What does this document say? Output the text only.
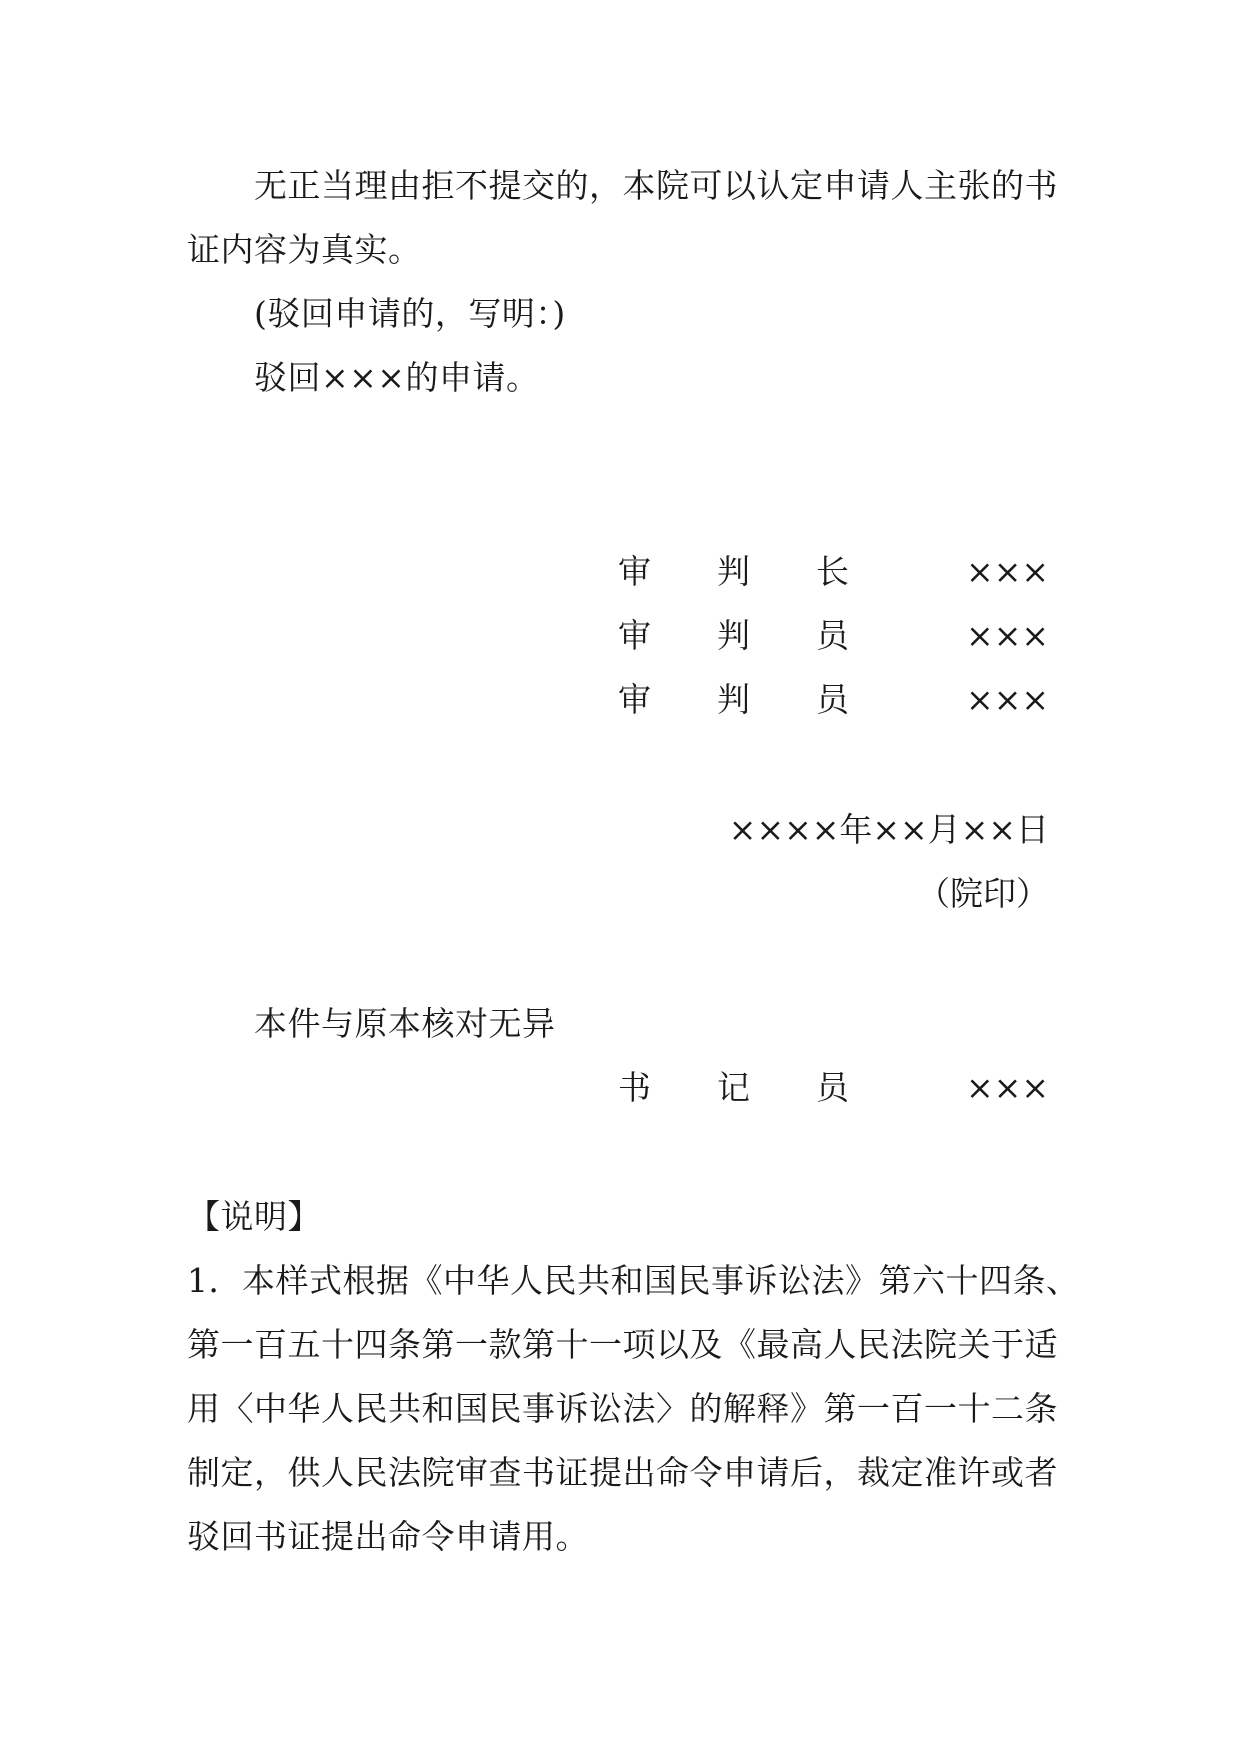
无正当理由拒不提交的，本院可以认定申请人主张的书
证内容为真实。
(驳回申请的，写明：)
驳回×××的申请。
审 判 长	×××
审 判 员	×××
审 判 员	×××
××××年××月××日
（院印）
本件与原本核对无异
书 记 员	×××
【说明】
1．本样式根据《中华人民共和国民事诉讼法》第六十四条、
第一百五十四条第一款第十一项以及《最高人民法院关于适
用〈中华人民共和国民事诉讼法〉的解释》第一百一十二条
制定，供人民法院审查书证提出命令申请后，裁定准许或者
驳回书证提出命令申请用。
